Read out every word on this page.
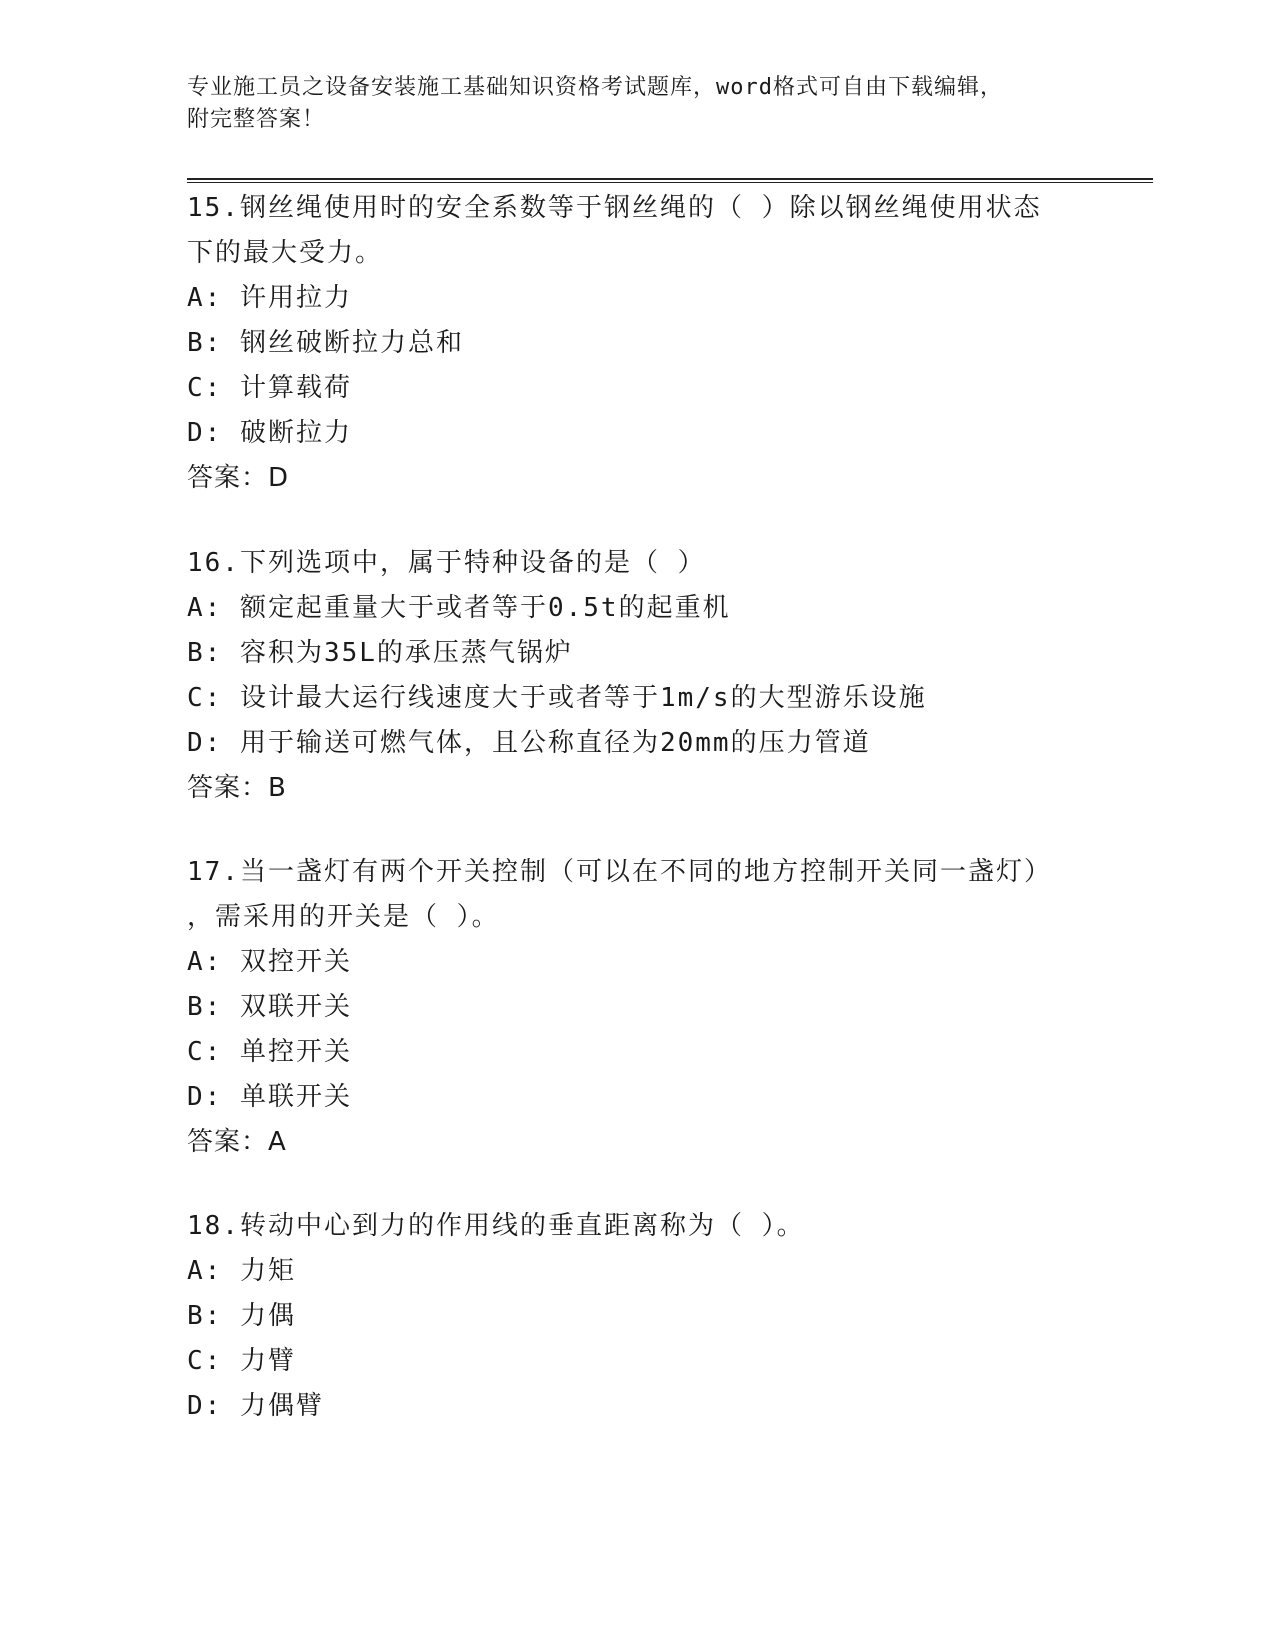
专业施工员之设备安装施工基础知识资格考试题库，word格式可自由下载编辑，
附完整答案！
15.钢丝绳使用时的安全系数等于钢丝绳的（ ）除以钢丝绳使用状态
下的最大受力。
A: 许用拉力
B: 钢丝破断拉力总和
C: 计算载荷
D: 破断拉力
答案：D
16.下列选项中，属于特种设备的是（ ）
A: 额定起重量大于或者等于0.5t的起重机
B: 容积为35L的承压蒸气锅炉
C: 设计最大运行线速度大于或者等于1m/s的大型游乐设施
D: 用于输送可燃气体，且公称直径为20mm的压力管道
答案：B
17.当一盏灯有两个开关控制（可以在不同的地方控制开关同一盏灯）
，需采用的开关是（ ）。
A: 双控开关
B: 双联开关
C: 单控开关
D: 单联开关
答案：A
18.转动中心到力的作用线的垂直距离称为（ ）。
A: 力矩
B: 力偶
C: 力臂
D: 力偶臂
